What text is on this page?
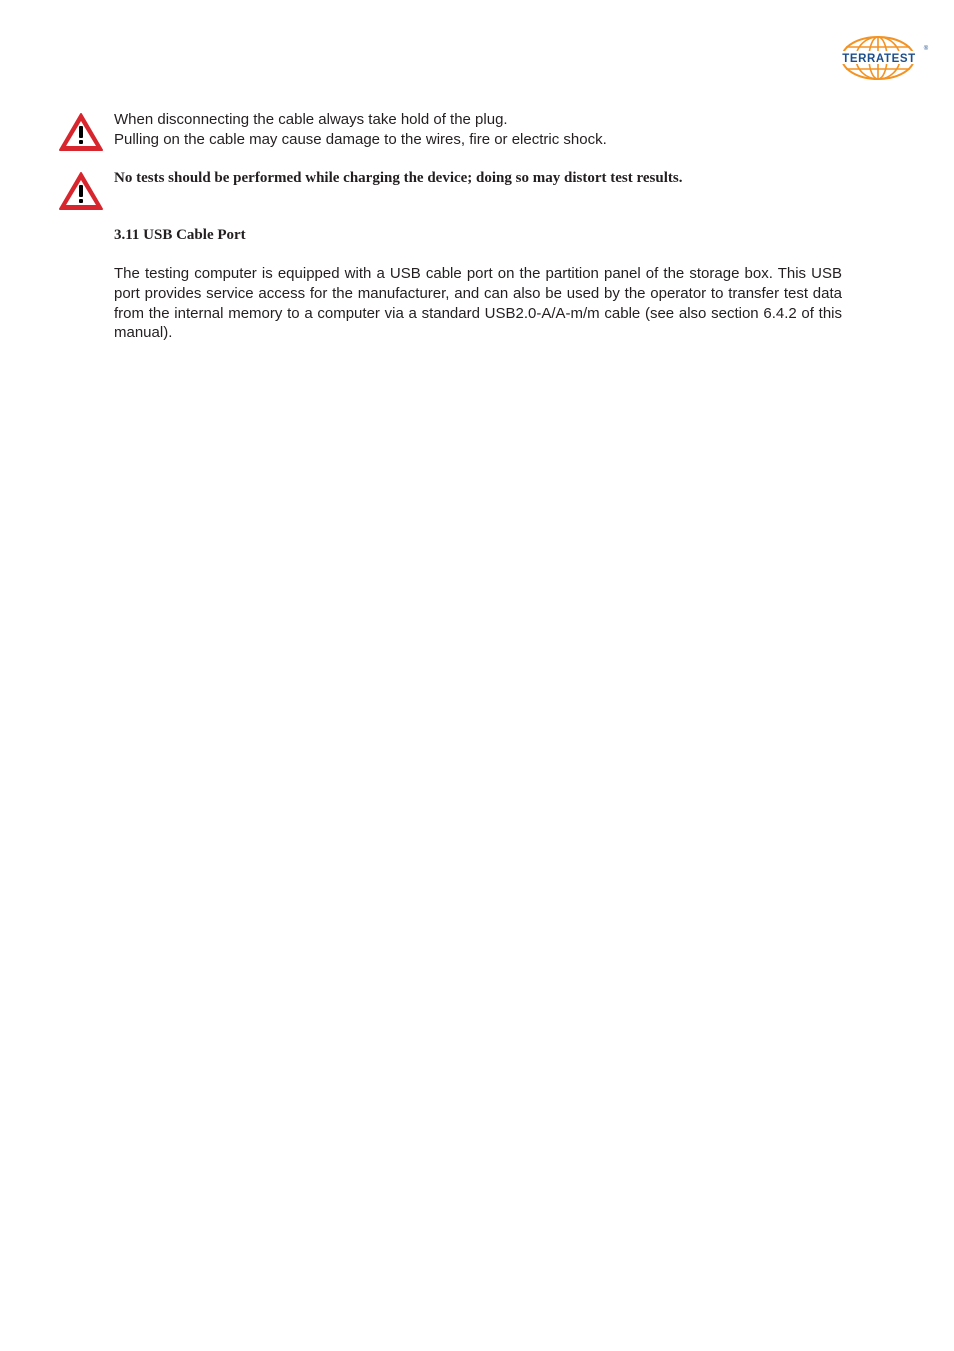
TERRATEST
®
When disconnecting the cable always take hold of the plug.
Pulling on the cable may cause damage to the wires, fire or electric shock.
No tests should be performed while charging the device; doing so may distort test results.
3.11 USB Cable Port
The testing computer is equipped with a USB cable port on the partition panel of the storage box. This USB port provides service access for the manufacturer, and can also be used by the operator to transfer test data from the internal memory to a computer via a standard USB2.0-A/A-m/m cable (see also section 6.4.2 of this manual).
